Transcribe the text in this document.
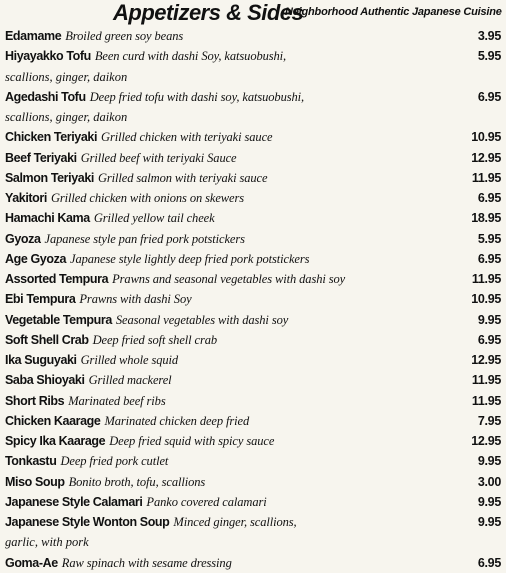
Appetizers & Sides
Neighborhood Authentic Japanese Cuisine
Edamame Broiled green soy beans	3.95
Hiyayakko Tofu Been curd with dashi Soy, katsuobushi,	5.95
scallions, ginger, daikon
Agedashi Tofu Deep fried tofu with dashi soy, katsuobushi,	6.95
scallions, ginger, daikon
Chicken Teriyaki Grilled chicken with teriyaki sauce	10.95
Beef Teriyaki Grilled beef with teriyaki Sauce	12.95
Salmon Teriyaki Grilled salmon with teriyaki sauce	11.95
Yakitori Grilled chicken with onions on skewers	6.95
Hamachi Kama Grilled yellow tail cheek	18.95
Gyoza Japanese style pan fried pork potstickers	5.95
Age Gyoza Japanese style lightly deep fried pork potstickers	6.95
Assorted Tempura Prawns and seasonal vegetables with dashi soy	11.95
Ebi Tempura Prawns with dashi Soy	10.95
Vegetable Tempura Seasonal vegetables with dashi soy	9.95
Soft Shell Crab Deep fried soft shell crab	6.95
Ika Suguyaki Grilled whole squid	12.95
Saba Shioyaki Grilled mackerel	11.95
Short Ribs Marinated beef ribs	11.95
Chicken Kaarage Marinated chicken deep fried	7.95
Spicy Ika Kaarage Deep fried squid with spicy sauce	12.95
Tonkastu Deep fried pork cutlet	9.95
Miso Soup Bonito broth, tofu, scallions	3.00
Japanese Style Calamari Panko covered calamari	9.95
Japanese Style Wonton Soup Minced ginger, scallions,	9.95
garlic, with pork
Goma-Ae Raw spinach with sesame dressing	6.95
